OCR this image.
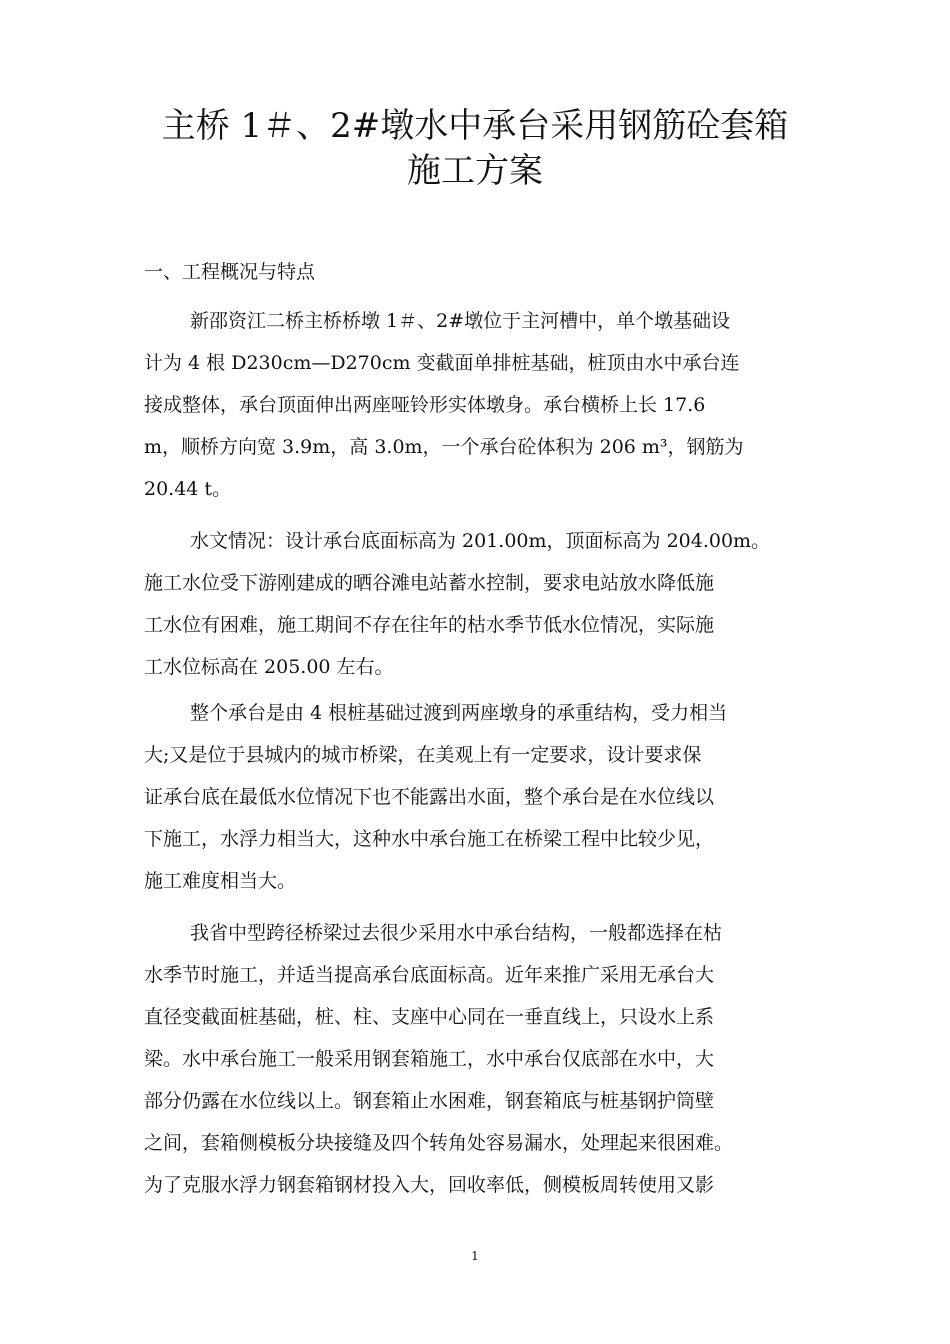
主桥 1＃、2#墩水中承台采用钢筋砼套箱
施工方案
一、工程概况与特点
新邵资江二桥主桥桥墩 1＃、2#墩位于主河槽中，单个墩基础设
计为 4 根 D230cm—D270cm 变截面单排桩基础，桩顶由水中承台连
接成整体，承台顶面伸出两座哑铃形实体墩身。承台横桥上长 17.6
m，顺桥方向宽 3.9m，高 3.0m，一个承台砼体积为 206 m³，钢筋为
20.44 t。
水文情况：设计承台底面标高为 201.00m，顶面标高为 204.00m。
施工水位受下游刚建成的晒谷滩电站蓄水控制，要求电站放水降低施
工水位有困难，施工期间不存在往年的枯水季节低水位情况，实际施
工水位标高在 205.00 左右。
整个承台是由 4 根桩基础过渡到两座墩身的承重结构，受力相当
大;又是位于县城内的城市桥梁，在美观上有一定要求，设计要求保
证承台底在最低水位情况下也不能露出水面，整个承台是在水位线以
下施工，水浮力相当大，这种水中承台施工在桥梁工程中比较少见，
施工难度相当大。
我省中型跨径桥梁过去很少采用水中承台结构，一般都选择在枯
水季节时施工，并适当提高承台底面标高。近年来推广采用无承台大
直径变截面桩基础，桩、柱、支座中心同在一垂直线上，只设水上系
梁。水中承台施工一般采用钢套箱施工，水中承台仅底部在水中，大
部分仍露在水位线以上。钢套箱止水困难，钢套箱底与桩基钢护筒壁
之间，套箱侧模板分块接缝及四个转角处容易漏水，处理起来很困难。
为了克服水浮力钢套箱钢材投入大，回收率低，侧模板周转使用又影
1
